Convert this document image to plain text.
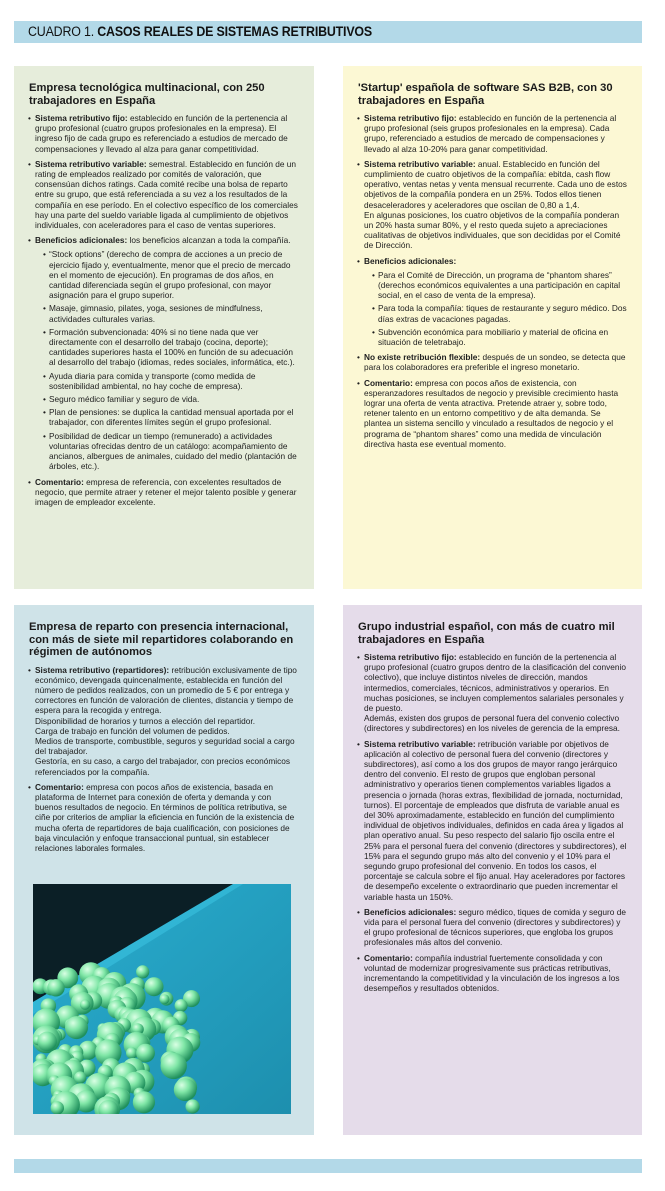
CUADRO 1. CASOS REALES DE SISTEMAS RETRIBUTIVOS
Empresa tecnológica multinacional, con 250 trabajadores en España
• Sistema retributivo fijo: establecido en función de la pertenencia al grupo profesional (cuatro grupos profesionales en la empresa). El ingreso fijo de cada grupo es referenciado a estudios de mercado de compensaciones y llevado al alza para ganar competitividad.
• Sistema retributivo variable: semestral. Establecido en función de un rating de empleados realizado por comités de valoración, que consensúan dichos ratings. Cada comité recibe una bolsa de reparto entre su grupo, que está referenciada a su vez a los resultados de la compañía en ese período. En el colectivo específico de los comerciales hay una parte del sueldo variable ligada al cumplimiento de objetivos individuales, con aceleradores para el caso de ventas superiores.
• Beneficios adicionales: los beneficios alcanzan a toda la compañía.
• “Stock options” (derecho de compra de acciones a un precio de ejercicio fijado y, eventualmente, menor que el precio de mercado en el momento de ejecución). En programas de dos años, en cantidad diferenciada según el grupo profesional, con mayor asignación para el grupo superior.
• Masaje, gimnasio, pilates, yoga, sesiones de mindfulness, actividades culturales varias.
• Formación subvencionada: 40% si no tiene nada que ver directamente con el desarrollo del trabajo (cocina, deporte); cantidades superiores hasta el 100% en función de su adecuación al desarrollo del trabajo (idiomas, redes sociales, informática, etc.).
• Ayuda diaria para comida y transporte (como medida de sostenibilidad ambiental, no hay coche de empresa).
• Seguro médico familiar y seguro de vida.
• Plan de pensiones: se duplica la cantidad mensual aportada por el trabajador, con diferentes límites según el grupo profesional.
• Posibilidad de dedicar un tiempo (remunerado) a actividades voluntarias ofrecidas dentro de un catálogo: acompañamiento de ancianos, albergues de animales, cuidado del medio (plantación de árboles, etc.).
• Comentario: empresa de referencia, con excelentes resultados de negocio, que permite atraer y retener el mejor talento posible y generar imagen de empleador excelente.
'Startup' española de software SAS B2B, con 30 trabajadores en España
• Sistema retributivo fijo: establecido en función de la pertenencia al grupo profesional (seis grupos profesionales en la empresa). Cada grupo, referenciado a estudios de mercado de compensaciones y llevado al alza 10-20% para ganar competitividad.
• Sistema retributivo variable: anual. Establecido en función del cumplimiento de cuatro objetivos de la compañía: ebitda, cash flow operativo, ventas netas y venta mensual recurrente. Cada uno de estos objetivos de la compañía pondera en un 25%. Todos ellos tienen desaceleradores y aceleradores que oscilan de 0,80 a 1,4.

En algunas posiciones, los cuatro objetivos de la compañía ponderan un 20% hasta sumar 80%, y el resto queda sujeto a apreciaciones cualitativas de objetivos individuales, que son decididas por el Comité de Dirección.

• Beneficios adicionales:
• Para el Comité de Dirección, un programa de “phantom shares” (derechos económicos equivalentes a una participación en capital social, en el caso de venta de la empresa).
• Para toda la compañía: tiques de restaurante y seguro médico. Dos días extras de vacaciones pagadas.
• Subvención económica para mobiliario y material de oficina en situación de teletrabajo.
• No existe retribución flexible: después de un sondeo, se detecta que para los colaboradores era preferible el ingreso monetario.
• Comentario: empresa con pocos años de existencia, con esperanzadores resultados de negocio y previsible crecimiento hasta lograr una oferta de venta atractiva. Pretende atraer y, sobre todo, retener talento en un entorno competitivo y de alta demanda. Se plantea un sistema sencillo y vinculado a resultados de negocio y el programa de “phantom shares” como una medida de vinculación directiva hasta ese eventual momento.
Empresa de reparto con presencia internacional, con más de siete mil repartidores colaborando en régimen de autónomos
• Sistema retributivo (repartidores): retribución exclusivamente de tipo económico, devengada quincenalmente, establecida en función del número de pedidos realizados, con un promedio de 5 € por entrega y correctores en función de valoración de clientes, distancia y tiempo de espera para la recogida y entrega.

Disponibilidad de horarios y turnos a elección del repartidor.

Carga de trabajo en función del volumen de pedidos.

Medios de transporte, combustible, seguros y seguridad social a cargo del trabajador.

Gestoría, en su caso, a cargo del trabajador, con precios económicos referenciados por la compañía.

• Comentario: empresa con pocos años de existencia, basada en plataforma de Internet para conexión de oferta y demanda y con buenos resultados de negocio. En términos de política retributiva, se ciñe por criterios de ampliar la eficiencia en función de la existencia de mucha oferta de repartidores de baja cualificación, con posiciones de baja vinculación y enfoque transaccional puntual, sin establecer relaciones laborales formales.
Grupo industrial español, con más de cuatro mil trabajadores en España
• Sistema retributivo fijo: establecido en función de la pertenencia al grupo profesional (cuatro grupos dentro de la clasificación del convenio colectivo), que incluye distintos niveles de dirección, mandos intermedios, comerciales, técnicos, administrativos y operarios. En muchas posiciones, se incluyen complementos salariales personales y de puesto.

Además, existen dos grupos de personal fuera del convenio colectivo (directores y subdirectores) en los niveles de gerencia de la empresa.

• Sistema retributivo variable: retribución variable por objetivos de aplicación al colectivo de personal fuera del convenio (directores y subdirectores), así como a los dos grupos de mayor rango jerárquico dentro del convenio. El resto de grupos que engloban personal administrativo y operarios tienen complementos variables ligados a presencia o jornada (horas extras, flexibilidad de jornada, nocturnidad, turnos). El porcentaje de empleados que disfruta de variable anual es del 30% aproximadamente, establecido en función del cumplimiento individual de objetivos individuales, definidos en cada área y ligados al plan operativo anual. Su peso respecto del salario fijo oscila entre el 25% para el personal fuera del convenio (directores y subdirectores), el 15% para el segundo grupo más alto del convenio y el 10% para el segundo grupo profesional del convenio. En todos los casos, el porcentaje se calcula sobre el fijo anual. Hay aceleradores por factores de desempeño excelente o extraordinario que pueden incrementar el variable hasta un 150%.
• Beneficios adicionales: seguro médico, tiques de comida y seguro de vida para el personal fuera del convenio (directores y subdirectores) y el grupo profesional de técnicos superiores, que engloba los grupos profesionales más altos del convenio.
• Comentario: compañía industrial fuertemente consolidada y con voluntad de modernizar progresivamente sus prácticas retributivas, incrementando la competitividad y la vinculación de los ingresos a los desempeños y resultados obtenidos.
